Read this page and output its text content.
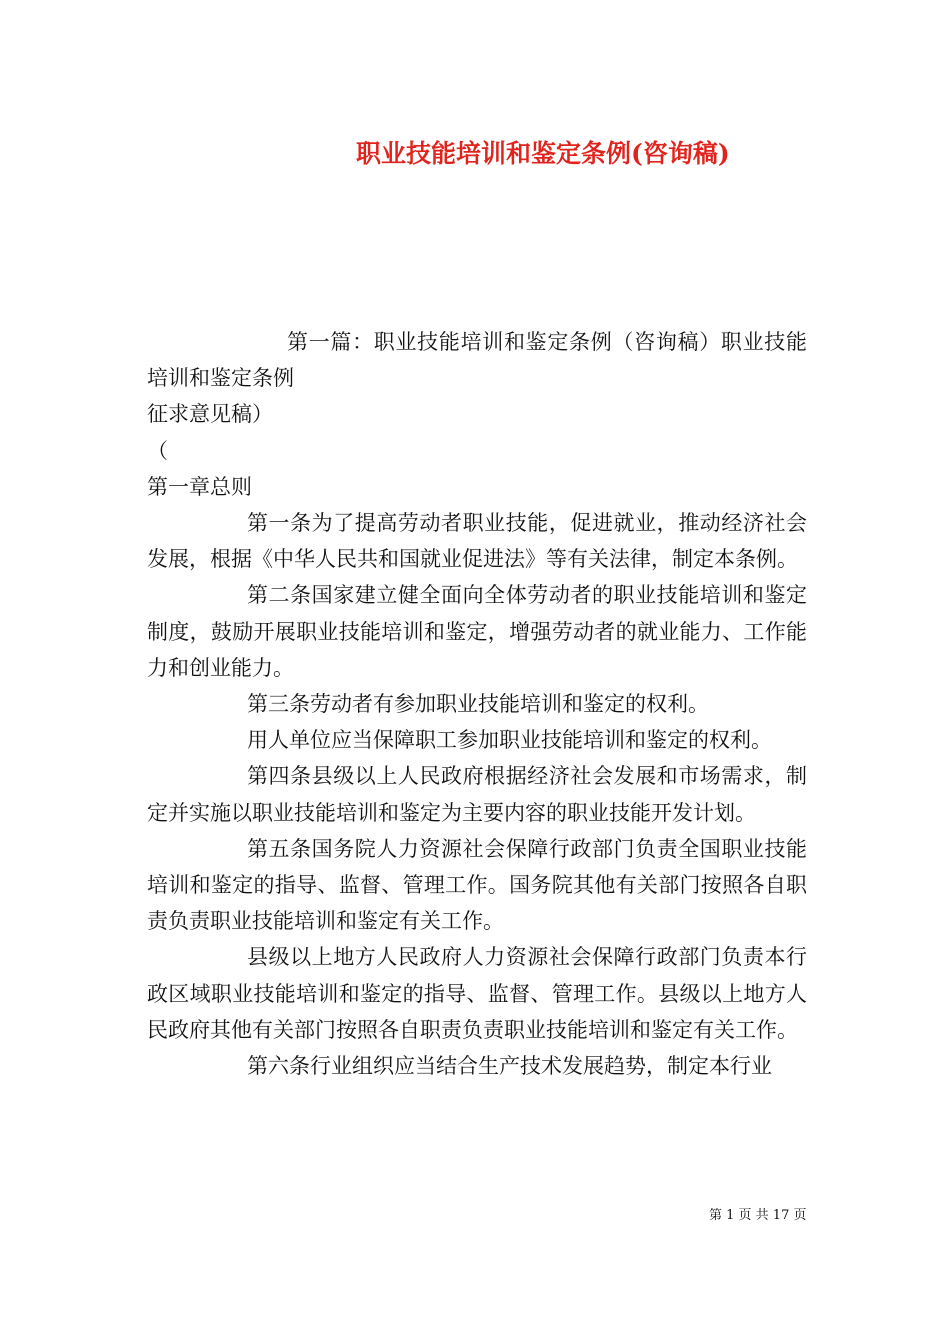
职业技能培训和鉴定条例(咨询稿)

第一篇：职业技能培训和鉴定条例（咨询稿）职业技能培训和鉴定条例

征求意见稿）

（

第一章总则

第一条为了提高劳动者职业技能，促进就业，推动经济社会发展，根据《中华人民共和国就业促进法》等有关法律，制定本条例。

第二条国家建立健全面向全体劳动者的职业技能培训和鉴定制度，鼓励开展职业技能培训和鉴定，增强劳动者的就业能力、工作能力和创业能力。

第三条劳动者有参加职业技能培训和鉴定的权利。

用人单位应当保障职工参加职业技能培训和鉴定的权利。

第四条县级以上人民政府根据经济社会发展和市场需求，制定并实施以职业技能培训和鉴定为主要内容的职业技能开发计划。

第五条国务院人力资源社会保障行政部门负责全国职业技能培训和鉴定的指导、监督、管理工作。国务院其他有关部门按照各自职责负责职业技能培训和鉴定有关工作。

县级以上地方人民政府人力资源社会保障行政部门负责本行政区域职业技能培训和鉴定的指导、监督、管理工作。县级以上地方人民政府其他有关部门按照各自职责负责职业技能培训和鉴定有关工作。

第六条行业组织应当结合生产技术发展趋势，制定本行业

第 1 页 共 17 页
